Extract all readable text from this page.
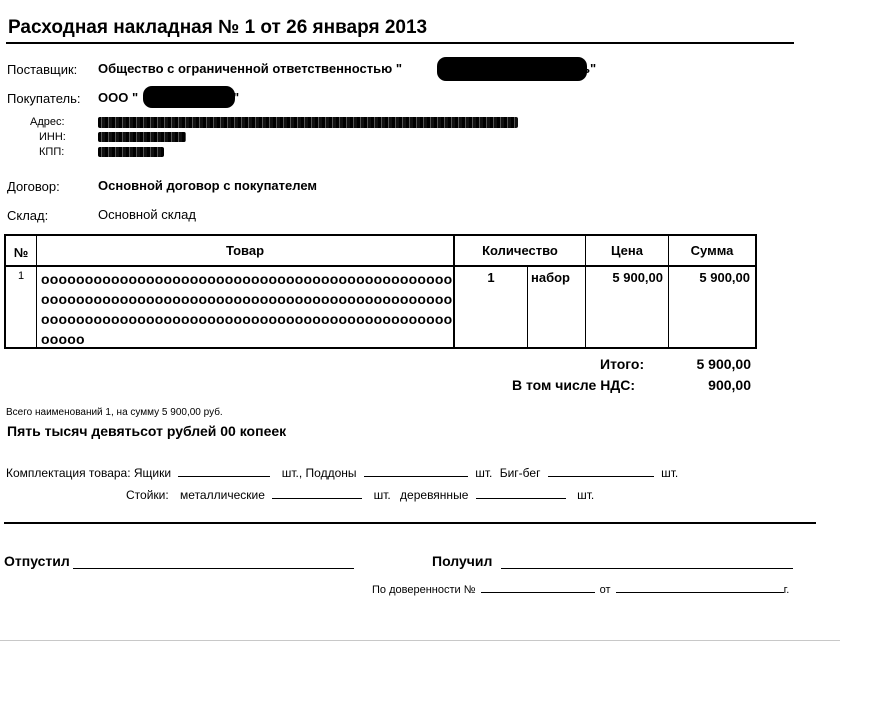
Расходная накладная № 1 от 26 января 2013
Поставщик: Общество с ограниченной ответственностью "	ь"
Покупатель: ООО "	"
Адрес:
ИНН:
КПП:
Договор:	Основной договор с покупателем
Склад:	Основной склад
№	Товар	Количество		Цена	Сумма
1	oooooooooooooooooooooooooooooooooooooooooooooooooooooooooooooooooooooooooooooooooooooooooooooooooooooooooooooooooooooooooooooooooooooooooooooooooo	1	набор	5 900,00	5 900,00
Итого:	5 900,00
В том числе НДС:	900,00
Всего наименований 1, на сумму 5 900,00 руб.
Пять тысяч девятьсот рублей 00 копеек
Комплектация товара: Ящики	шт., Поддоны	шт. Биг-бег	шт.
Стойки: металлические	шт. деревянные	шт.
Отпустил	Получил
По доверенности №	от	г.
